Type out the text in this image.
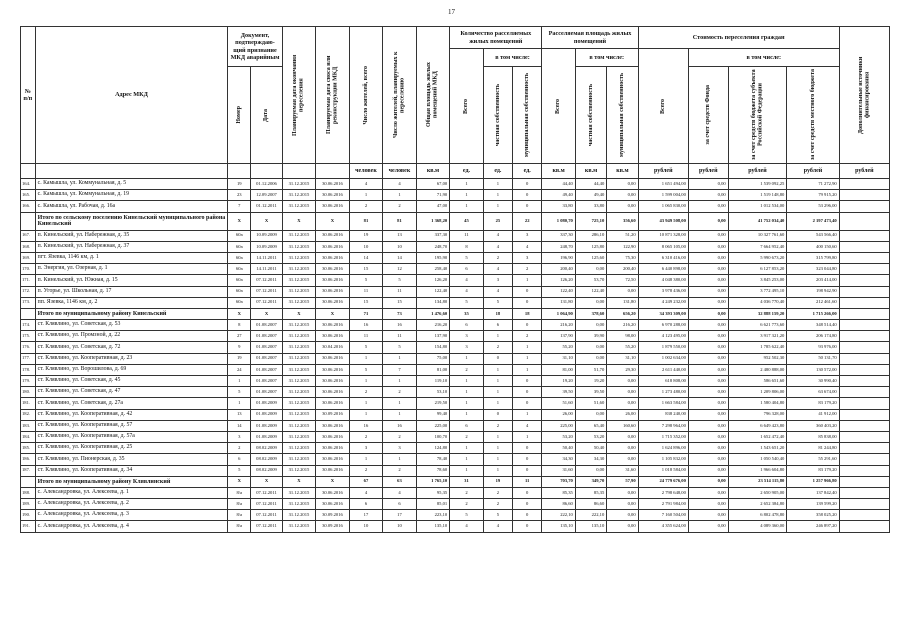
17
№ п/п	Адрес МКД	Документ, подтверждаю-щий признание МКД аварийным		Планируемая дата окончания переселения	Планируемая дата сноса или реконструкции МКД	Число жителей, всего	Число жителей, планируемых к переселению	Общая площадь жилых помещений МКД	Количество расселяемых жилых помещений			Расселяемая площадь жилых помещений			Стоимость переселения граждан				Дополнительные источники финансирования

									Всего	в том числе:		Всего	в том числе:		Всего	в том числе:			

		Номер	Дата							частная собственность	муниципальная собственность		частная собственность	муниципальная собственность		за счет средств Фонда	за счет средств бюджета субъекта Российской Федерации	за счет средств местного бюджета	

						человек	человек	кв.м	ед.	ед.	ед.	кв.м	кв.м	кв.м	рублей	рублей	рублей	рублей	рублей
164.	с. Камышла, ул. Коммунальная, д. 5	19	01.12.2006	31.12.2015	30.06.2016	4	4	67,00	1	1	0	44,40	44,40	0,00	1 651 494,00	0,00	1 539 092,25	71 272,90	
165.	с. Камышла, ул. Коммунальная, д. 19	23	12.09.2007	31.12.2015	30.06.2016	1	1	71,90	1	1	0	49,40	49,40	0,00	1 599 004,00	0,00	1 519 148,80	79 915,20	
166.	с. Камышла, ул. Рабочая, д. 16а	7	01.12.2011	31.12.2015	30.06.2016	2	2	47,00	1	1	0	33,80	33,80	0,00	1 065 830,00	0,00	1 012 534,00	53 296,00	
	Итого по сельскому поселению Кинельский муниципального района Кинельский	X	X	X	X	81	81	1 368,20	45	25	22	1 080,70	725,10	356,60	43 949 508,00	0,00	41 752 034,40	2 197 473,40	
167.	п. Кинельский, ул. Набережная, д. 35	60а	10.09.2009	31.12.2015	30.06.2016	19	13	337,30	11	4	3	337,30	286,10	51,20	10 871 328,00	0,00	10 327 761,60	543 566,40	
168.	п. Кинельский, ул. Набережная, д. 37	60а	10.09.2009	31.12.2015	30.06.2016	10	10	248,70	8	4	4	248,70	125,80	122,90	8 065 105,00	0,00	7 664 952,40	400 150,60	
169.	пгт. Язевка, 1146 км, д. 1	60а	14.11.2011	31.12.2015	30.06.2016	14	14	195,90	5	2	3	196,90	125,60	75,30	6 310 416,00	0,00	5 990 673,20	315 799,80	
170.	п. Энергия, ул. Озерная, д. 1	60а	14.11.2011	31.12.2015	30.06.2016	15	12	258,40	6	4	2	200,40	0,00	200,40	6 440 898,00	0,00	6 127 853,20	323 044,80	
171.	п. Кинельский, ул. Южная, д. 15	60а	07.12.2011	31.12.2015	30.06.2016	5	5	126,20	4	3	1	126,20	53,70	72,50	4 048 380,00	0,00	3 845 253,00	203 414,00	
172.	п. Угорье, ул. Школьная, д. 17	60а	07.12.2011	31.12.2015	30.06.2016	11	11	122,40	4	4	0	122,40	122,40	0,00	3 978 436,00	0,00	3 772 495,10	198 942,90	
173.	пп. Язевка, 1146 км, д. 2	60а	07.12.2011	31.12.2015	30.06.2016	15	15	134,80	5	5	0	131,80	0,00	131,80	4 249 232,00	0,00	4 036 770,40	212 461,60	
	Итого по муниципальному району Кинельский	X	X	X	X	71	73	1 476,60	35	18	18	1 064,90	378,60	656,20	34 393 309,00	0,00	32 888 159,20	1 715 266,00	
174.	ст. Клявлино, ул. Советская, д. 53	8	01.08.2007	31.12.2015	30.06.2016	16	16	216,20	6	6	0	216,20	0,00	216,20	6 970 288,00	0,00	6 621 773,60	348 514,40	
175.	ст. Клявлино, ул. Промзной, д. 22	27	01.08.2007	31.12.2015	30.06.2016	11	11	137,90	3	1	2	137,90	39,90	98,00	4 123 495,00	0,00	3 917 321,20	206 174,80	
176.	ст. Клявлино, ул. Советская, д. 72	9	01.08.2007	31.12.2015	30.04.2016	5	5	154,80	3	2	1	55,20	0,00	55,20	1 879 550,00	0,00	1 785 622,40	93 976,00	
177.	ст. Клявлино, ул. Кооперативная, д. 23	19	01.08.2007	31.12.2015	30.06.2016	1	1	75,00	1	0	1	31,10	0,00	31,10	1 002 634,00	0,00	952 502,30	50 131,70	
178.	ст. Клявлино, ул. Ворошилова, д. 69	24	01.08.2007	31.12.2015	30.06.2016	5	7	81,00	2	1	1	81,00	51,70	29,30	2 611 440,00	0,00	2 480 888,00	130 572,00	
179.	ст. Клявлино, ул. Советская, д. 45	1	01.08.2007	31.12.2015	30.06.2016	1	1	119,10	1	1	0	19,20	19,20	0,00	618 808,00	0,00	586 651,60	30 990,40	
180.	ст. Клявлино, ул. Советская, д. 47	5	01.08.2007	31.12.2015	30.06.2016	2	2	53,10	1	1	0	39,50	39,50	0,00	1 273 480,00	0,00	1 209 806,00	63 674,00	
181.	ст. Клявлино, ул. Советская, д. 27а	1	01.08.2009	31.12.2015	30.06.2016	1	1	219,50	1	1	0	51,60	51,60	0,00	1 663 584,00	0,00	1 580 404,80	83 179,20	
182.	ст. Клявлино, ул. Кооперативная, д. 42	13	01.08.2009	31.12.2015	30.09.2016	1	1	99,40	1	0	1	26,00	0,00	26,00	838 240,00	0,00	796 328,00	41 912,00	
183.	ст. Клявлино, ул. Кооперативная, д. 57	14	01.08.2009	31.12.2015	30.06.2016	16	16	225,00	6	2	4	225,00	65,40	160,60	7 298 964,00	0,00	6 649 423,80	360 403,20	
184.	ст. Клявлино, ул. Кооперативная, д. 57а	3	01.08.2009	31.12.2015	30.06.2016	2	2	100,70	2	1	1	53,20	53,20	0,00	1 715 352,00	0,00	1 652 472,40	85 838,00	
185.	ст. Клявлино, ул. Кооперативная, д. 25	2	08.02.2009	31.12.2015	30.06.2016	3	3	124,80	1	1	0	50,40	50,40	0,00	1 624 896,00	0,00	1 543 651,20	81 244,80	
186.	ст. Клявлино, ул. Пионерская, д. 35	6	08.02.2009	31.12.2015	30.06.2016	1	1	78,40	1	1	0	34,30	34,30	0,00	1 105 832,00	0,00	1 050 540,40	55 291,60	
187.	ст. Клявлино, ул. Кооперативная, д. 34	5	08.02.2009	31.12.2015	30.06.2016	2	2	78,60	1	1	0	31,60	0,00	31,60	1 018 584,00	0,00	1 966 604,80	83 179,20	
	Итого по муниципальному району Клявлинский	X	X	X	X	67	63	1 765,10	31	19	11	703,70	349,70	57,90	24 779 676,00	0,00	23 514 115,80	1 257 966,80	
188.	с. Александровка, ул. Алексеева, д. 1	8/а	07.12.2011	31.12.2015	30.06.2016	4	4	95,35	2	2	0	85,35	85,35	0,00	2 798 648,00	0,00	2 650 905,00	137 842,40	
189.	с. Александровка, ул. Алексеева, д. 2	8/а	07.12.2011	31.12.2015	30.06.2016	6	6	85,01	2	2	0	86,60	86,60	0,00	2 791 984,00	0,00	2 652 384,80	139 599,20	
190.	с. Александровка, ул. Алексеева, д. 3	8/а	07.12.2011	31.12.2015	30.09.2016	17	17	223,10	5	5	0	222,10	222,10	0,00	7 160 504,00	0,00	6 802 478,80	358 025,20	
191.	с. Александровка, ул. Алексеева, д. 4	8/а	07.12.2011	31.12.2015	30.09.2016	10	10	135,10	4	4	0	135,10	135,10	0,00	4 355 624,00	0,00	4 089 360,00	246 897,20	
